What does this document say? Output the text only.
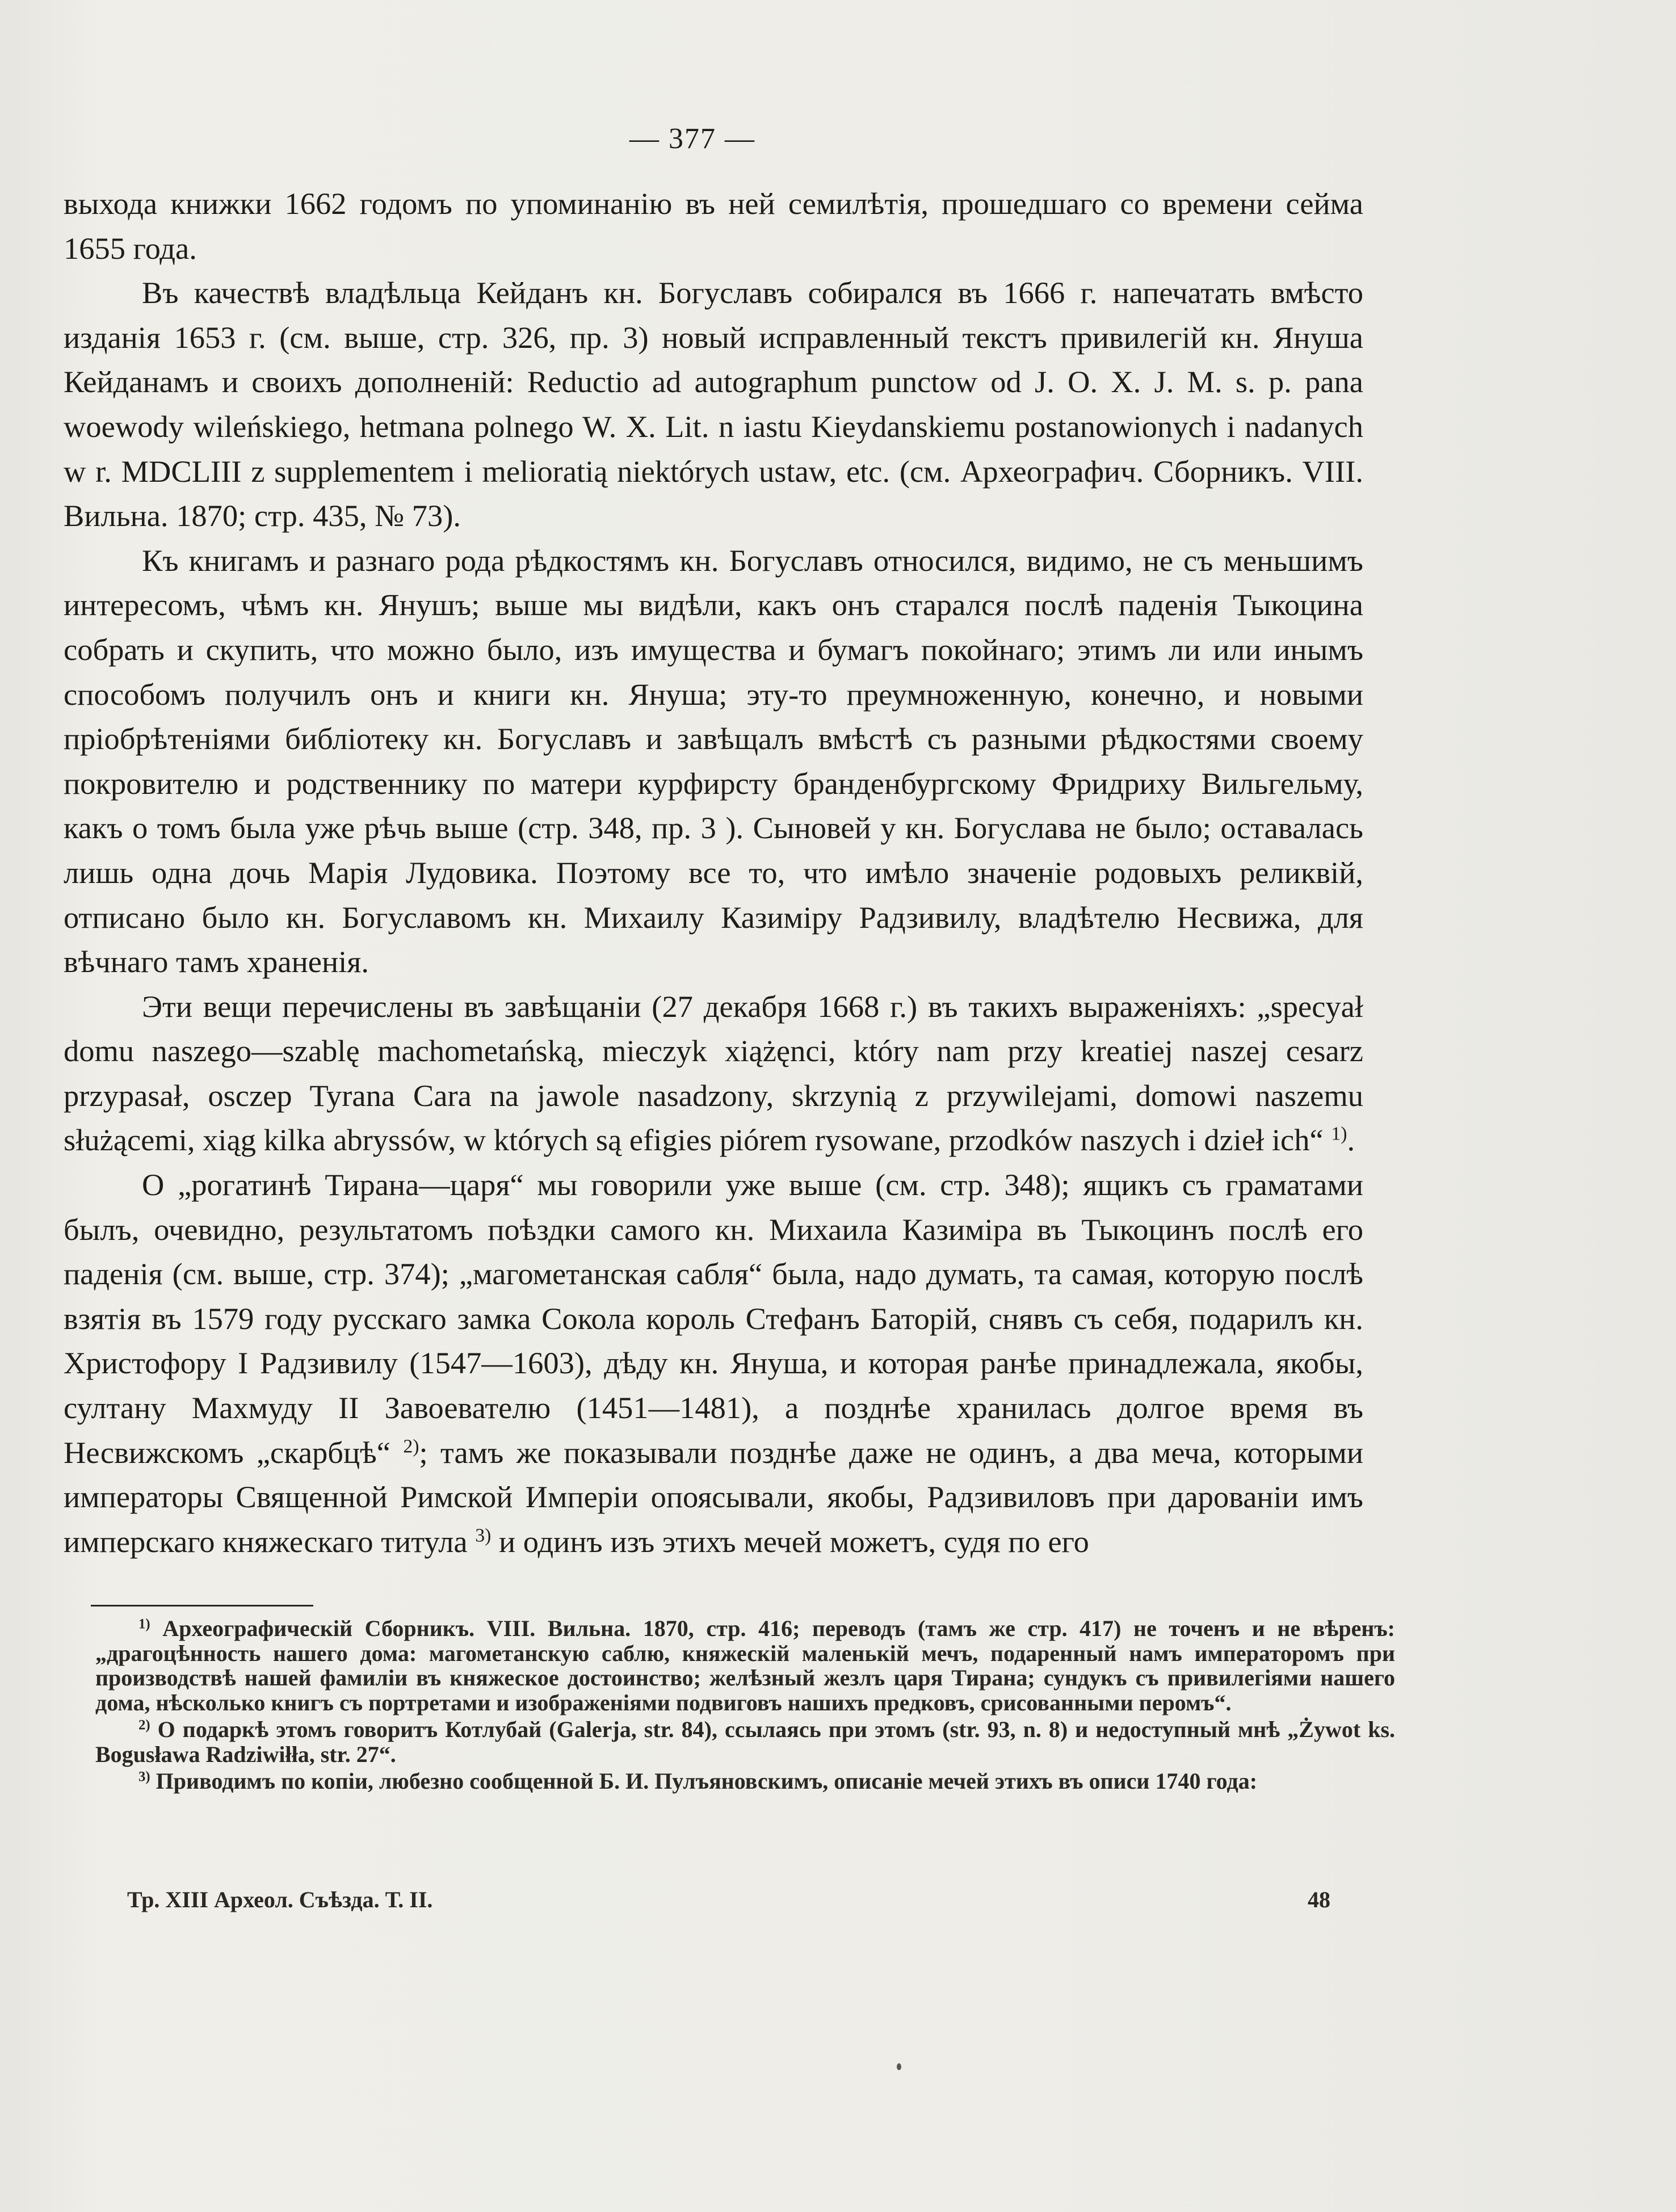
— 377 —

выхода книжки 1662 годомъ по упоминанію въ ней семилѣтія, прошедшаго со времени сейма 1655 года.

Въ качествѣ владѣльца Кейданъ кн. Богуславъ собирался въ 1666 г. напечатать вмѣсто изданія 1653 г. (см. выше, стр. 326, пр. 3) новый исправленный текстъ привилегій кн. Януша Кейданамъ и своихъ дополненій: Reductio ad autographum punctow od J. O. X. J. M. s. p. pana woewody wileńskiego, hetmana polnego W. X. Lit. n iastu Kieydanskiemu postanowionych i nadanych w r. MDCLIII z supplementem i melioratią niektórych ustaw, etc. (см. Археографич. Сборникъ. VIII. Вильна. 1870; стр. 435, № 73).

Къ книгамъ и разнаго рода рѣдкостямъ кн. Богуславъ относился, видимо, не съ меньшимъ интересомъ, чѣмъ кн. Янушъ; выше мы видѣли, какъ онъ старался послѣ паденія Тыкоцина собрать и скупить, что можно было, изъ имущества и бумагъ покойнаго; этимъ ли или инымъ способомъ получилъ онъ и книги кн. Януша; эту-то преумноженную, конечно, и новыми пріобрѣтеніями библіотеку кн. Богуславъ и завѣщалъ вмѣстѣ съ разными рѣдкостями своему покровителю и родственнику по матери курфирсту бранденбургскому Фридриху Вильгельму, какъ о томъ была уже рѣчь выше (стр. 348, пр. 3 ). Сыновей у кн. Богуслава не было; оставалась лишь одна дочь Марія Лудовика. Поэтому все то, что имѣло значеніе родовыхъ реликвій, отписано было кн. Богуславомъ кн. Михаилу Казиміру Радзивилу, владѣтелю Несвижа, для вѣчнаго тамъ храненія.

Эти вещи перечислены въ завѣщаніи (27 декабря 1668 г.) въ такихъ выраженіяхъ: „specyał domu naszego—szablę machometańską, mieczyk xiążęnci, który nam przy kreatiej naszej cesarz przypasał, osczep Tyrana Cara na jawole nasadzony, skrzynią z przywilejami, domowi naszemu służącemi, xiąg kilka abryssów, w których są efigies piórem rysowane, przodków naszych i dzieł ich“ $^{1)}$.

О „рогатинѣ Тирана—царя“ мы говорили уже выше (см. стр. 348); ящикъ съ граматами былъ, очевидно, результатомъ поѣздки самого кн. Михаила Казиміра въ Тыкоцинъ послѣ его паденія (см. выше, стр. 374); „магометанская сабля“ была, надо думать, та самая, которую послѣ взятія въ 1579 году русскаго замка Сокола король Стефанъ Баторій, снявъ съ себя, подарилъ кн. Христофору I Радзивилу (1547—1603), дѣду кн. Януша, и которая ранѣе принадлежала, якобы, султану Махмуду II Завоевателю (1451—1481), а позднѣе хранилась долгое время въ Несвижскомъ „скарбцѣ“ $^{2)}$; тамъ же показывали позднѣе даже не одинъ, а два меча, которыми императоры Священной Римской Имперіи опоясывали, якобы, Радзивиловъ при дарованіи имъ имперскаго княжескаго титула $^{3)}$ и одинъ изъ этихъ мечей можетъ, судя по его

$^{1)}$ Археографическій Сборникъ. VIII. Вильна. 1870, стр. 416; переводъ (тамъ же стр. 417) не точенъ и не вѣренъ: „драгоцѣнность нашего дома: магометанскую саблю, княжескій маленькій мечъ, подаренный намъ императоромъ при производствѣ нашей фамиліи въ княжеское достоинство; желѣзный жезлъ царя Тирана; сундукъ съ привилегіями нашего дома, нѣсколько книгъ съ портретами и изображеніями подвиговъ нашихъ предковъ, срисованными перомъ“.

$^{2)}$ О подаркѣ этомъ говоритъ Котлубай (Galerja, str. 84), ссылаясь при этомъ (str. 93, n. 8) и недоступный мнѣ „Żywot ks. Bogusława Radziwiłła, str. 27“.

$^{3)}$ Приводимъ по копіи, любезно сообщенной Б. И. Пулъяновскимъ, описаніе мечей этихъ въ описи 1740 года:

Тр. XIII Археол. Съѣзда. Т. II.	48
